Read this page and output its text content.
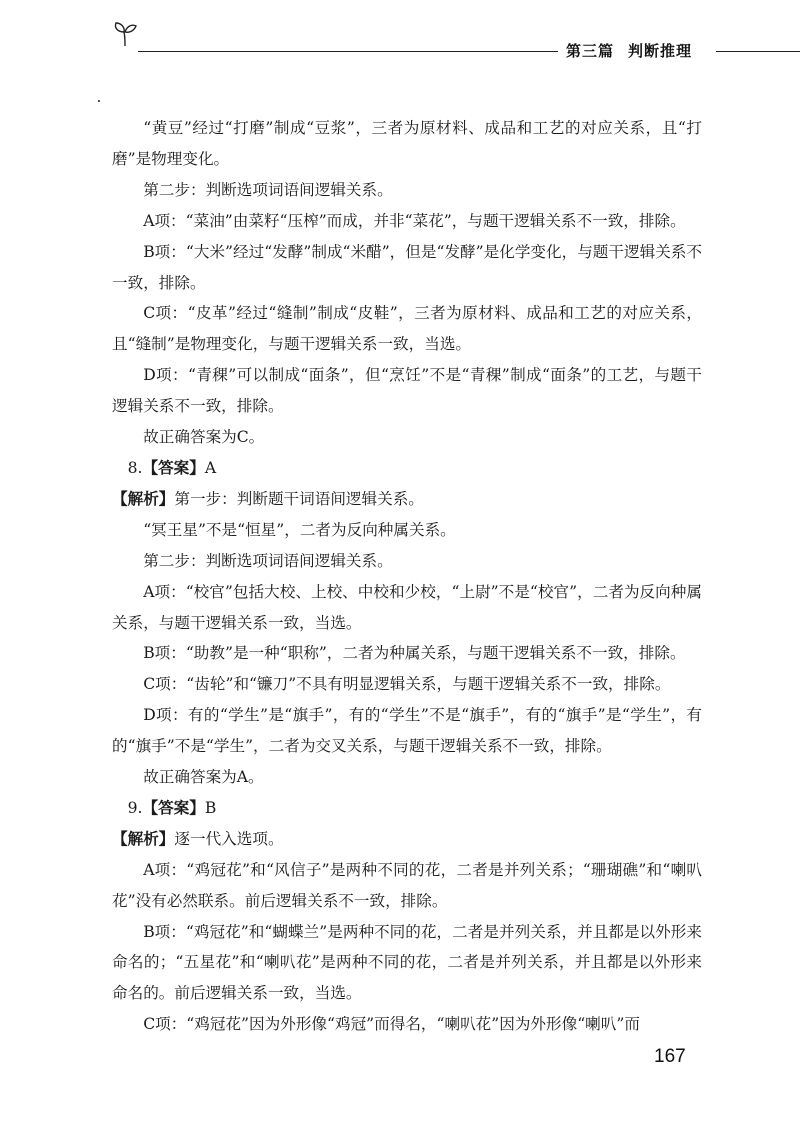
第三篇 判断推理

“黄豆”经过“打磨”制成“豆浆”，三者为原材料、成品和工艺的对应关系，且“打磨”是物理变化。

第二步：判断选项词语间逻辑关系。

A项：“菜油”由菜籽“压榨”而成，并非“菜花”，与题干逻辑关系不一致，排除。

B项：“大米”经过“发酵”制成“米醋”，但是“发酵”是化学变化，与题干逻辑关系不一致，排除。

C项：“皮革”经过“缝制”制成“皮鞋”，三者为原材料、成品和工艺的对应关系，且“缝制”是物理变化，与题干逻辑关系一致，当选。

D项：“青稞”可以制成“面条”，但“烹饪”不是“青稞”制成“面条”的工艺，与题干逻辑关系不一致，排除。

故正确答案为C。

8.【答案】A

【解析】第一步：判断题干词语间逻辑关系。

“冥王星”不是“恒星”，二者为反向种属关系。

第二步：判断选项词语间逻辑关系。

A项：“校官”包括大校、上校、中校和少校，“上尉”不是“校官”，二者为反向种属关系，与题干逻辑关系一致，当选。

B项：“助教”是一种“职称”，二者为种属关系，与题干逻辑关系不一致，排除。

C项：“齿轮”和“镰刀”不具有明显逻辑关系，与题干逻辑关系不一致，排除。

D项：有的“学生”是“旗手”，有的“学生”不是“旗手”，有的“旗手”是“学生”，有的“旗手”不是“学生”，二者为交叉关系，与题干逻辑关系不一致，排除。

故正确答案为A。

9.【答案】B

【解析】逐一代入选项。

A项：“鸡冠花”和“风信子”是两种不同的花，二者是并列关系；“珊瑚礁”和“喇叭花”没有必然联系。前后逻辑关系不一致，排除。

B项：“鸡冠花”和“蝴蝶兰”是两种不同的花，二者是并列关系，并且都是以外形来命名的；“五星花”和“喇叭花”是两种不同的花，二者是并列关系，并且都是以外形来命名的。前后逻辑关系一致，当选。

C项：“鸡冠花”因为外形像“鸡冠”而得名，“喇叭花”因为外形像“喇叭”而

167
